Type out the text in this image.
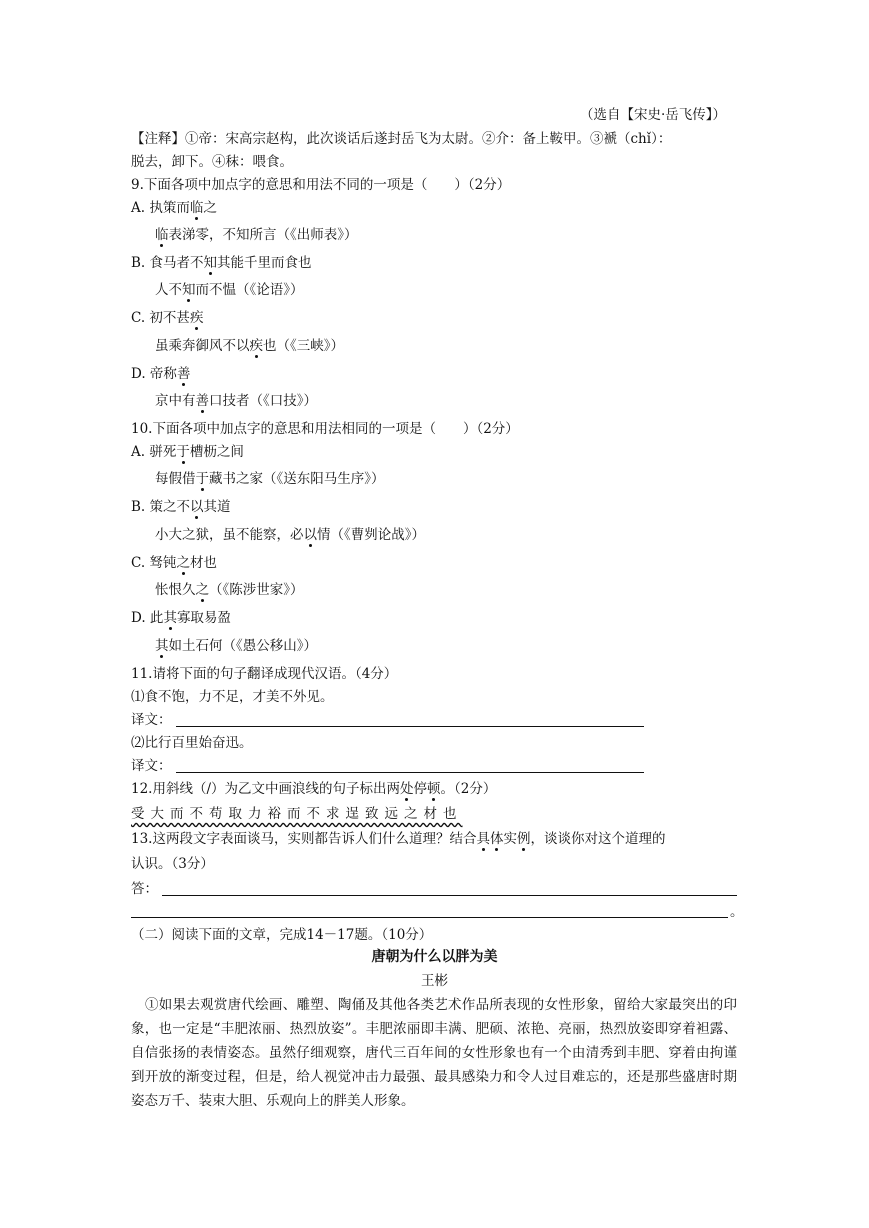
（选自【宋史·岳飞传】）
【注释】①帝：宋高宗赵构，此次谈话后遂封岳飞为太尉。②介：备上鞍甲。③褫（chǐ）：
脱去，卸下。④秣：喂食。
9.下面各项中加点字的意思和用法不同的一项是（　　）（2分）
A. 执策而临之
临表涕零，不知所言（《出师表》）
B. 食马者不知其能千里而食也
人不知而不愠（《论语》）
C. 初不甚疾
虽乘奔御风不以疾也（《三峡》）
D. 帝称善
京中有善口技者（《口技》）
10.下面各项中加点字的意思和用法相同的一项是（　　）（2分）
A. 骈死于槽枥之间
每假借于藏书之家（《送东阳马生序》）
B. 策之不以其道
小大之狱，虽不能察，必以情（《曹刿论战》）
C. 驽钝之材也
怅恨久之（《陈涉世家》）
D. 此其寡取易盈
其如土石何（《愚公移山》）
11.请将下面的句子翻译成现代汉语。（4分）
⑴食不饱，力不足，才美不外见。
译文：
⑵比行百里始奋迅。
译文：
12.用斜线（/）为乙文中画浪线的句子标出两处停顿。（2分）
受大而不苟取力裕而不求逞致远之材也
13.这两段文字表面谈马，实则都告诉人们什么道理？结合具体实例，谈谈你对这个道理的
认识。（3分）
答：
。
（二）阅读下面的文章，完成14－17题。（10分）
唐朝为什么以胖为美
王彬
①如果去观赏唐代绘画、雕塑、陶俑及其他各类艺术作品所表现的女性形象，留给大家最突出的印象，也一定是“丰肥浓丽、热烈放姿”。丰肥浓丽即丰满、肥硕、浓艳、亮丽，热烈放姿即穿着袒露、自信张扬的表情姿态。虽然仔细观察，唐代三百年间的女性形象也有一个由清秀到丰肥、穿着由拘谨到开放的渐变过程，但是，给人视觉冲击力最强、最具感染力和令人过目难忘的，还是那些盛唐时期姿态万千、装束大胆、乐观向上的胖美人形象。
